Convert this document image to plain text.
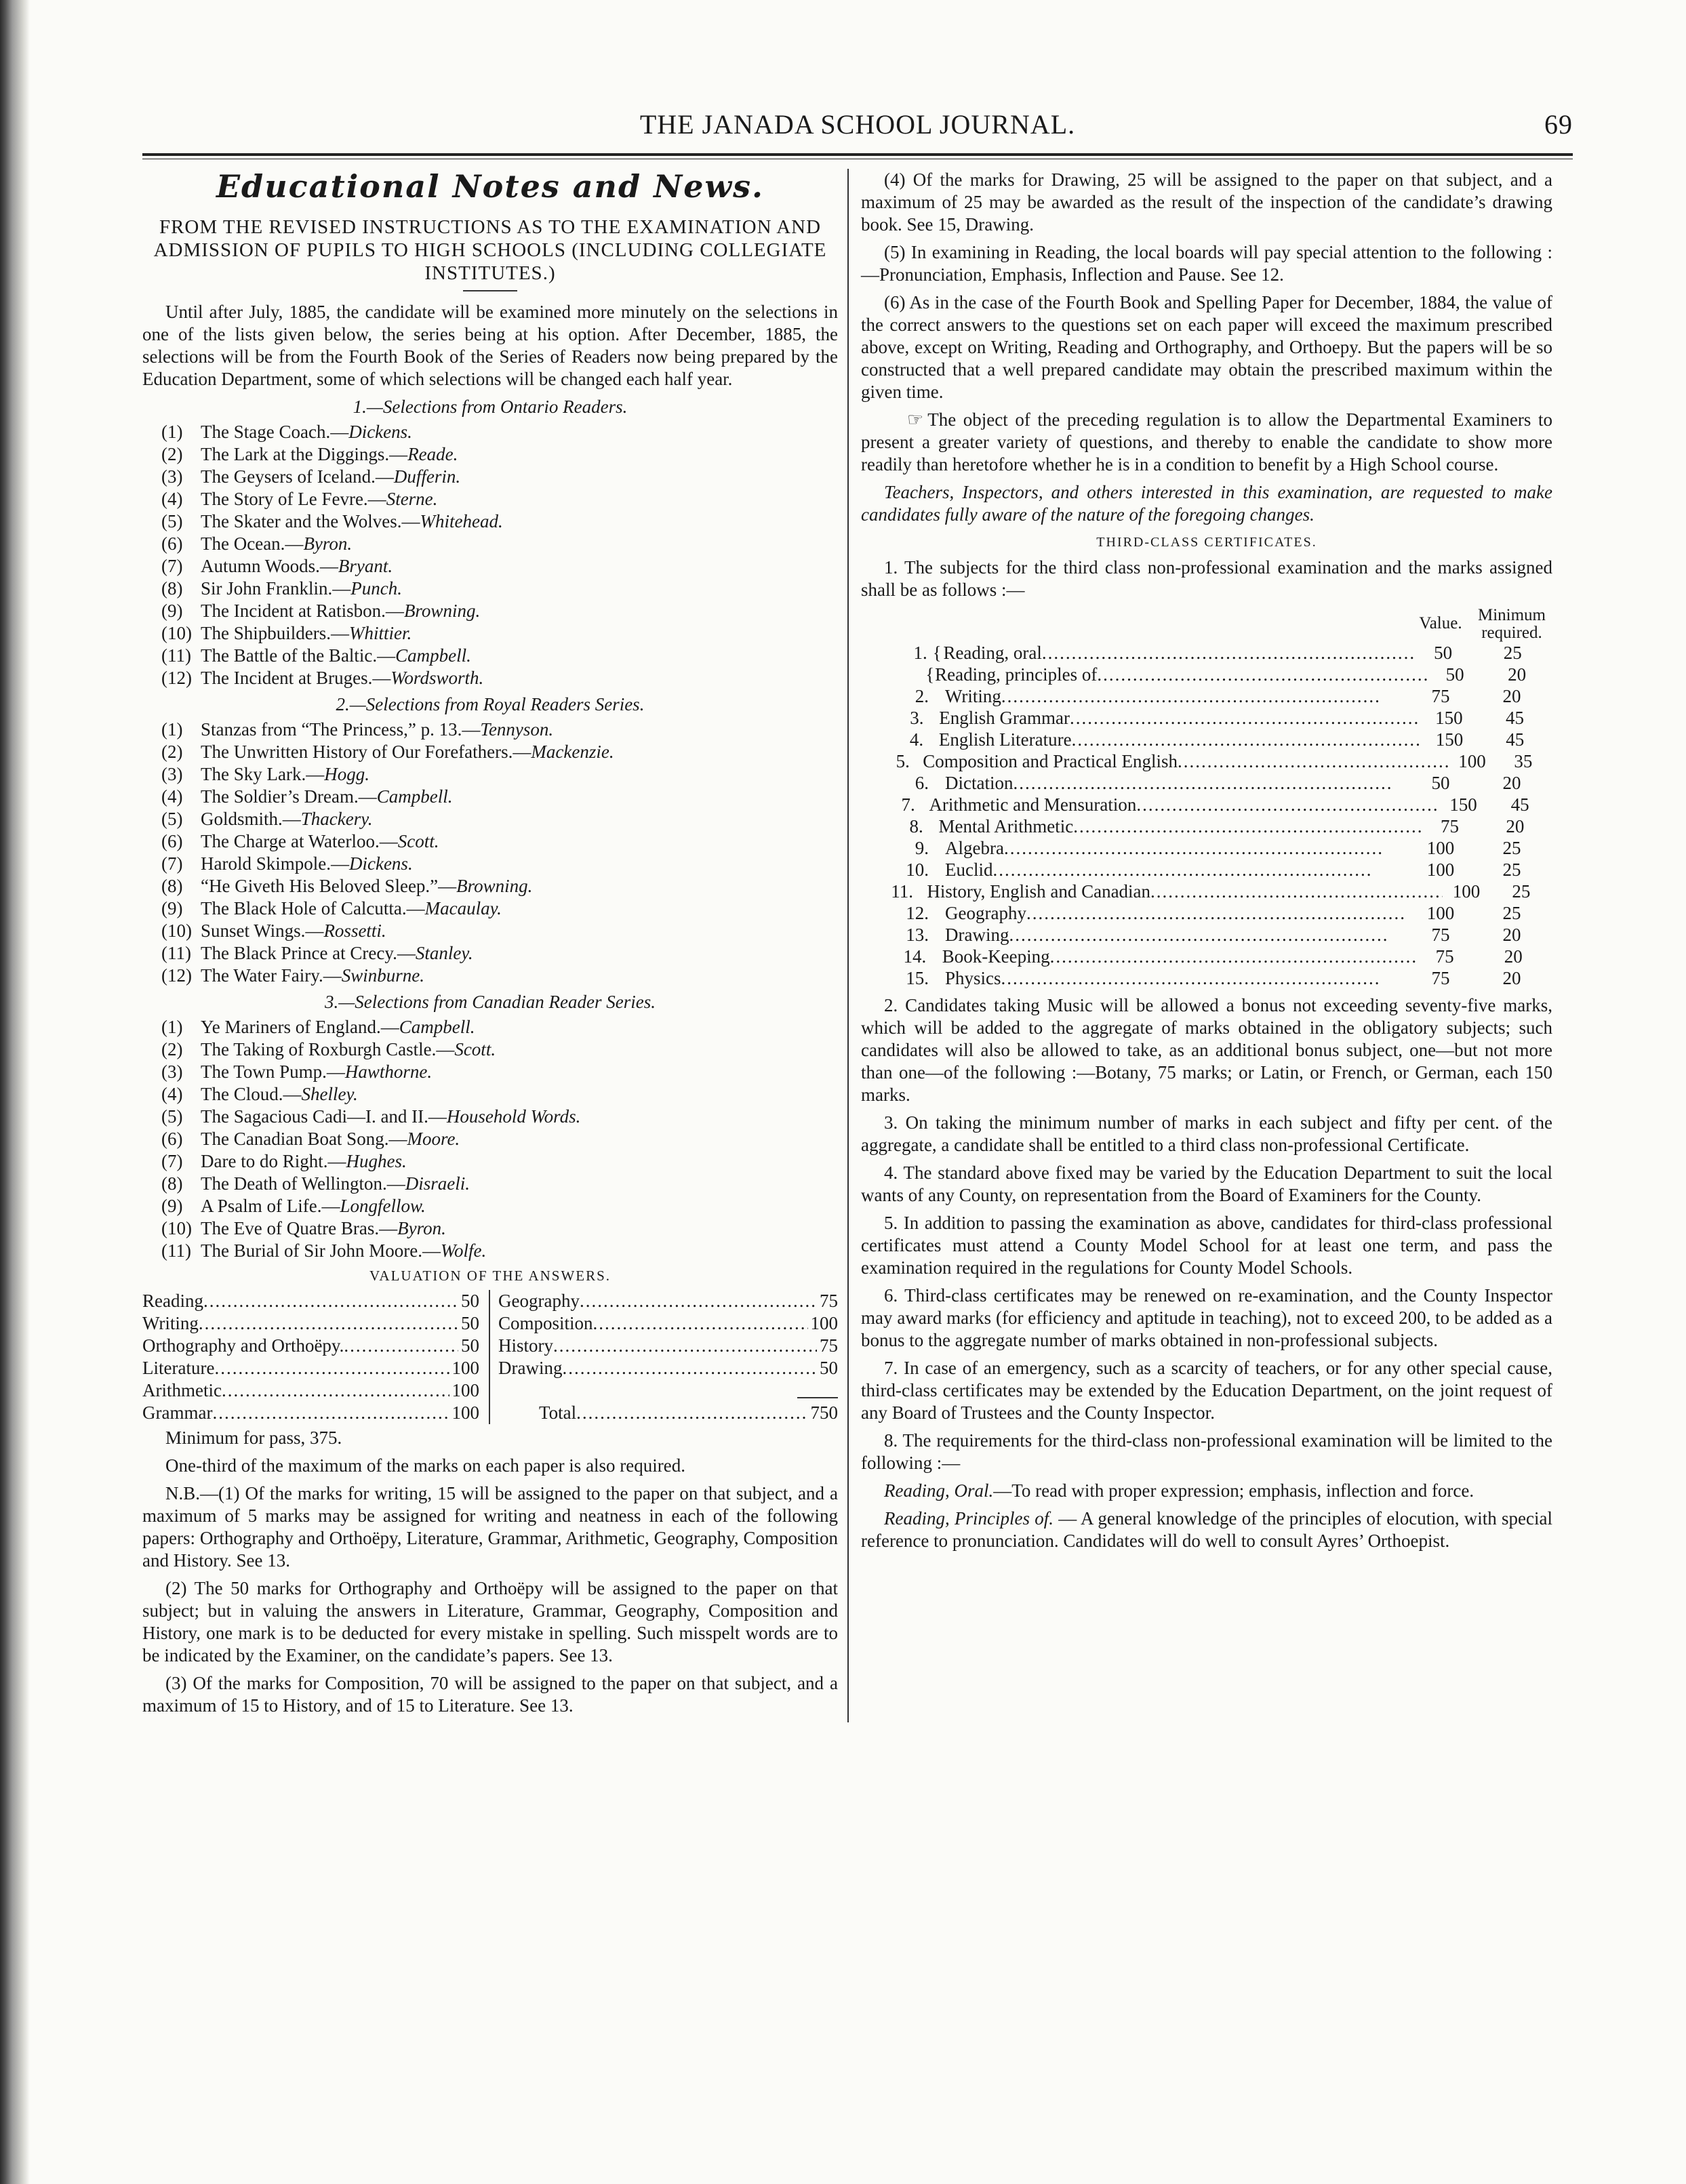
THE JANADA SCHOOL JOURNAL.	69
Educational Notes and News.
FROM THE REVISED INSTRUCTIONS AS TO THE EXAMINATION AND ADMISSION OF PUPILS TO HIGH SCHOOLS (INCLUDING COLLEGIATE INSTITUTES.)

Until after July, 1885, the candidate will be examined more minutely on the selections in one of the lists given below, the series being at his option. After December, 1885, the selections will be from the Fourth Book of the Series of Readers now being prepared by the Education Department, some of which selections will be changed each half year.

1.—Selections from Ontario Readers.
(1) The Stage Coach.—Dickens.
(2) The Lark at the Diggings.—Reade.
(3) The Geysers of Iceland.—Dufferin.
(4) The Story of Le Fevre.—Sterne.
(5) The Skater and the Wolves.—Whitehead.
(6) The Ocean.—Byron.
(7) Autumn Woods.—Bryant.
(8) Sir John Franklin.—Punch.
(9) The Incident at Ratisbon.—Browning.
(10) The Shipbuilders.—Whittier.
(11) The Battle of the Baltic.—Campbell.
(12) The Incident at Bruges.—Wordsworth.
2.—Selections from Royal Readers Series.
(1) Stanzas from “The Princess,” p. 13.—Tennyson.
(2) The Unwritten History of Our Forefathers.—Mackenzie.
(3) The Sky Lark.—Hogg.
(4) The Soldier’s Dream.—Campbell.
(5) Goldsmith.—Thackery.
(6) The Charge at Waterloo.—Scott.
(7) Harold Skimpole.—Dickens.
(8) “He Giveth His Beloved Sleep.”—Browning.
(9) The Black Hole of Calcutta.—Macaulay.
(10) Sunset Wings.—Rossetti.
(11) The Black Prince at Crecy.—Stanley.
(12) The Water Fairy.—Swinburne.
3.—Selections from Canadian Reader Series.
(1) Ye Mariners of England.—Campbell.
(2) The Taking of Roxburgh Castle.—Scott.
(3) The Town Pump.—Hawthorne.
(4) The Cloud.—Shelley.
(5) The Sagacious Cadi—I. and II.—Household Words.
(6) The Canadian Boat Song.—Moore.
(7) Dare to do Right.—Hughes.
(8) The Death of Wellington.—Disraeli.
(9) A Psalm of Life.—Longfellow.
(10) The Eve of Quatre Bras.—Byron.
(11) The Burial of Sir John Moore.—Wolfe.
VALUATION OF THE ANSWERS.
Reading .....	50
Writing .....	50
Orthography and Orthoëpy. .....	50
Literature .....	100
Arithmetic .....	100
Grammar .....	100
Geography .....	75
Composition .....	100
History .....	75
Drawing .....	50
Total .....	750

Minimum for pass, 375.

One-third of the maximum of the marks on each paper is also required.

N.B.—(1) Of the marks for writing, 15 will be assigned to the paper on that subject, and a maximum of 5 marks may be assigned for writing and neatness in each of the following papers: Orthography and Orthoëpy, Literature, Grammar, Arithmetic, Geography, Composition and History. See 13.

(2) The 50 marks for Orthography and Orthoëpy will be assigned to the paper on that subject; but in valuing the answers in Literature, Grammar, Geography, Composition and History, one mark is to be deducted for every mistake in spelling. Such misspelt words are to be indicated by the Examiner, on the candidate’s papers. See 13.

(3) Of the marks for Composition, 70 will be assigned to the paper on that subject, and a maximum of 15 to History, and of 15 to Literature. See 13.

(4) Of the marks for Drawing, 25 will be assigned to the paper on that subject, and a maximum of 25 may be awarded as the result of the inspection of the candidate’s drawing book. See 15, Drawing.

(5) In examining in Reading, the local boards will pay special attention to the following :—Pronunciation, Emphasis, Inflection and Pause. See 12.

(6) As in the case of the Fourth Book and Spelling Paper for December, 1884, the value of the correct answers to the questions set on each paper will exceed the maximum prescribed above, except on Writing, Reading and Orthography, and Orthoepy. But the papers will be so constructed that a well prepared candidate may obtain the prescribed maximum within the given time.

☞ The object of the preceding regulation is to allow the Departmental Examiners to present a greater variety of questions, and thereby to enable the candidate to show more readily than heretofore whether he is in a condition to benefit by a High School course.

Teachers, Inspectors, and others interested in this examination, are requested to make candidates fully aware of the nature of the foregoing changes.

THIRD-CLASS CERTIFICATES.

1. The subjects for the third class non-professional examination and the marks assigned shall be as follows :—

Value. Minimum required.
1. { Reading, oral .....	50	25
{ Reading, principles of .....	50	20
2. Writing .....	75	20
3. English Grammar .....	150	45
4. English Literature .....	150	45
5. Composition and Practical English .....	100	35
6. Dictation .....	50	20
7. Arithmetic and Mensuration .....	150	45
8. Mental Arithmetic .....	75	20
9. Algebra .....	100	25
10. Euclid .....	100	25
11. History, English and Canadian .....	100	25
12. Geography .....	100	25
13. Drawing .....	75	20
14. Book-Keeping .....	75	20
15. Physics .....	75	20

2. Candidates taking Music will be allowed a bonus not exceeding seventy-five marks, which will be added to the aggregate of marks obtained in the obligatory subjects; such candidates will also be allowed to take, as an additional bonus subject, one—but not more than one—of the following :—Botany, 75 marks; or Latin, or French, or German, each 150 marks.

3. On taking the minimum number of marks in each subject and fifty per cent. of the aggregate, a candidate shall be entitled to a third class non-professional Certificate.

4. The standard above fixed may be varied by the Education Department to suit the local wants of any County, on representation from the Board of Examiners for the County.

5. In addition to passing the examination as above, candidates for third-class professional certificates must attend a County Model School for at least one term, and pass the examination required in the regulations for County Model Schools.

6. Third-class certificates may be renewed on re-examination, and the County Inspector may award marks (for efficiency and aptitude in teaching), not to exceed 200, to be added as a bonus to the aggregate number of marks obtained in non-professional subjects.

7. In case of an emergency, such as a scarcity of teachers, or for any other special cause, third-class certificates may be extended by the Education Department, on the joint request of any Board of Trustees and the County Inspector.

8. The requirements for the third-class non-professional examination will be limited to the following :—

Reading, Oral.—To read with proper expression; emphasis, inflection and force.

Reading, Principles of. — A general knowledge of the principles of elocution, with special reference to pronunciation. Candidates will do well to consult Ayres’ Orthoepist.
